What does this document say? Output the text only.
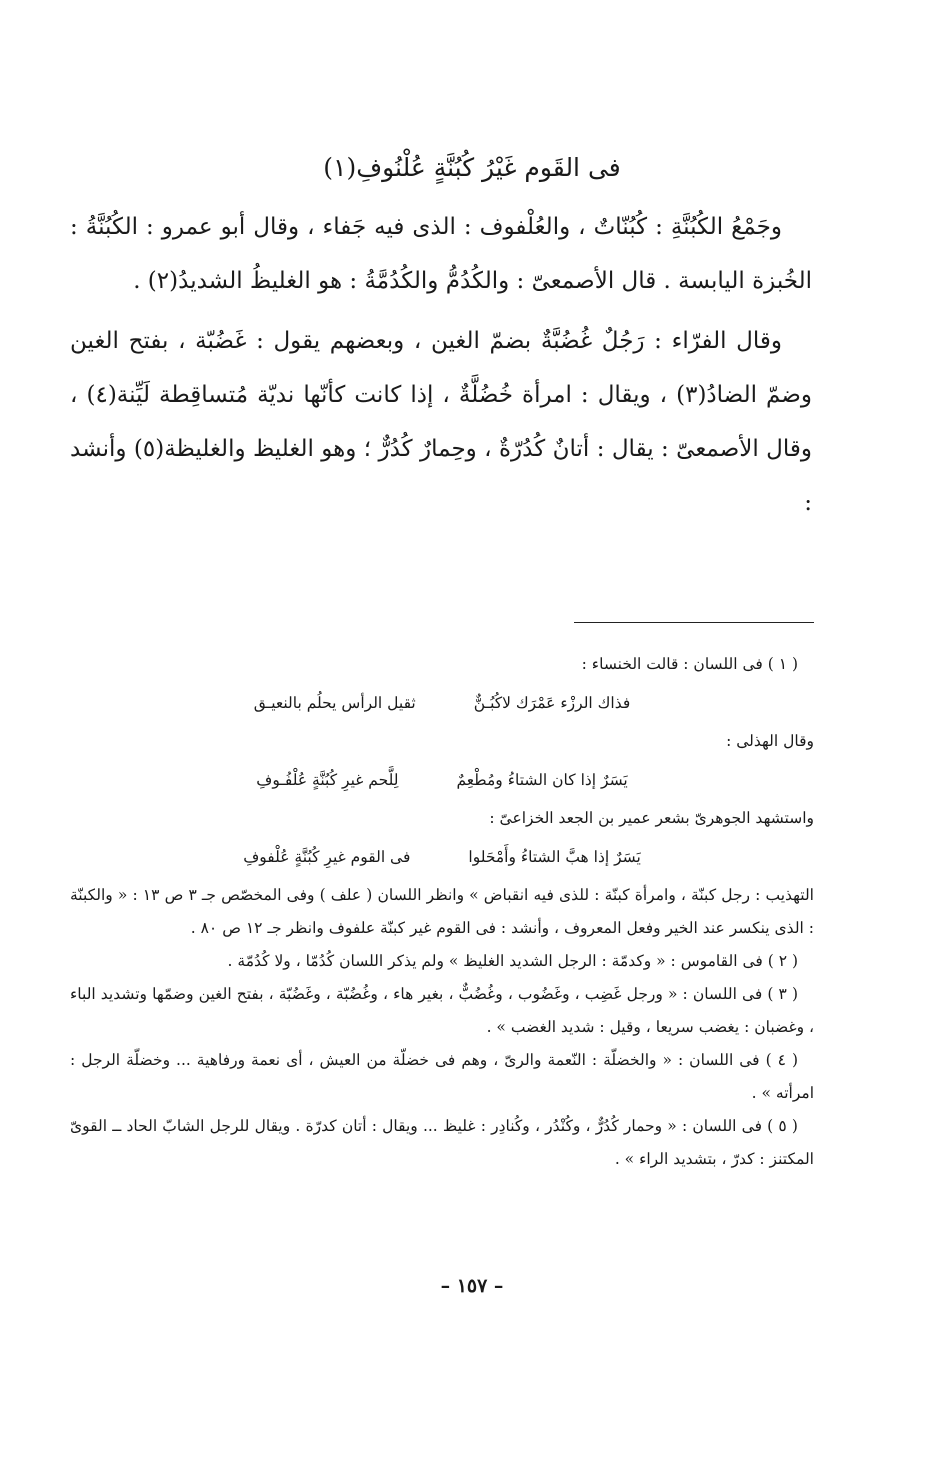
فى القَوم غَيْرُ كُبُنَّةٍ عُلْنُوفِ(١)

وجَمْعُ الكُبُنَّةِ : كُبُنّاتٌ ، والعُلْفوف : الذى فيه جَفاء ، وقال أبو عمرو : الكُبُنَّةُ : الخُبزة اليابسة . قال الأصمعىّ : والكُدُمُّ والكُدُمَّةُ : هو الغليظُ الشديدُ(٢) .

وقال الفرّاء : رَجُلٌ غُضُبَّةٌ بضمّ الغين ، وبعضهم يقول : غَضُبّة ، بفتح الغين وضمّ الضادُ(٣) ، ويقال : امرأة خُضُلَّةٌ ، إذا كانت كأنّها نديّة مُتساقِطة لَيِّنة(٤) ، وقال الأصمعىّ : يقال : أتانٌ كُدُرّةٌ ، وحِمارٌ كُدُرٌّ ؛ وهو الغليظ والغليظة(٥) وأنشد :

( ١ ) فى اللسان : قالت الخنساء :

فذاك الرزْء عَمْرَك لاكُبُـنٌّ
ثقيل الرأس يحلُم بالنعيـق

وقال الهذلى :

يَسَرٌ إذا كان الشتاءُ ومُطْعِمٌ
لِلَّحم غيرِ كُبُنَّةٍ عُلْفُـوفِ

واستشهد الجوهرىّ بشعر عمير بن الجعد الخزاعىّ :

يَسَرٌ إذا هبَّ الشتاءُ وأَمْحَلوا
فى القوم غيرِ كُبُنَّةٍ عُلْفوفِ

التهذيب : رجل كبنّة ، وامرأة كبنّة : للذى فيه انقباض » وانظر اللسان ( علف ) وفى المخصّص جـ ٣ ص ١٣ : « والكبنّة : الذى ينكسر عند الخير وفعل المعروف ، وأنشد : فى القوم غير كبنّة علفوف وانظر جـ ١٢ ص ٨٠ .

( ٢ ) فى القاموس : « وكدمّة : الرجل الشديد الغليظ » ولم يذكر اللسان كُدُمّا ، ولا كُدُمّة .

( ٣ ) فى اللسان : « ورجل غَضِب ، وغَضُوب ، وغُضُبٌّ ، بغير هاء ، وغُضُبّة ، وغَضُبّة ، بفتح الغين وضمّها وتشديد الباء ، وغضبان : يغضب سريعا ، وقيل : شديد الغضب » .

( ٤ ) فى اللسان : « والخضلّة : النّعمة والرىّ ، وهم فى خضلّة من العيش ، أى نعمة ورفاهية ... وخضلّة الرجل : امرأته » .

( ٥ ) فى اللسان : « وحمار كُدُرٌّ ، وكُنْدُر ، وكُنادِر : غليظ ... ويقال : أتان كدرّة . ويقال للرجل الشابّ الحاد ــ القوىّ المكتنز : كدرّ ، بتشديد الراء » .

– ١٥٧ –
